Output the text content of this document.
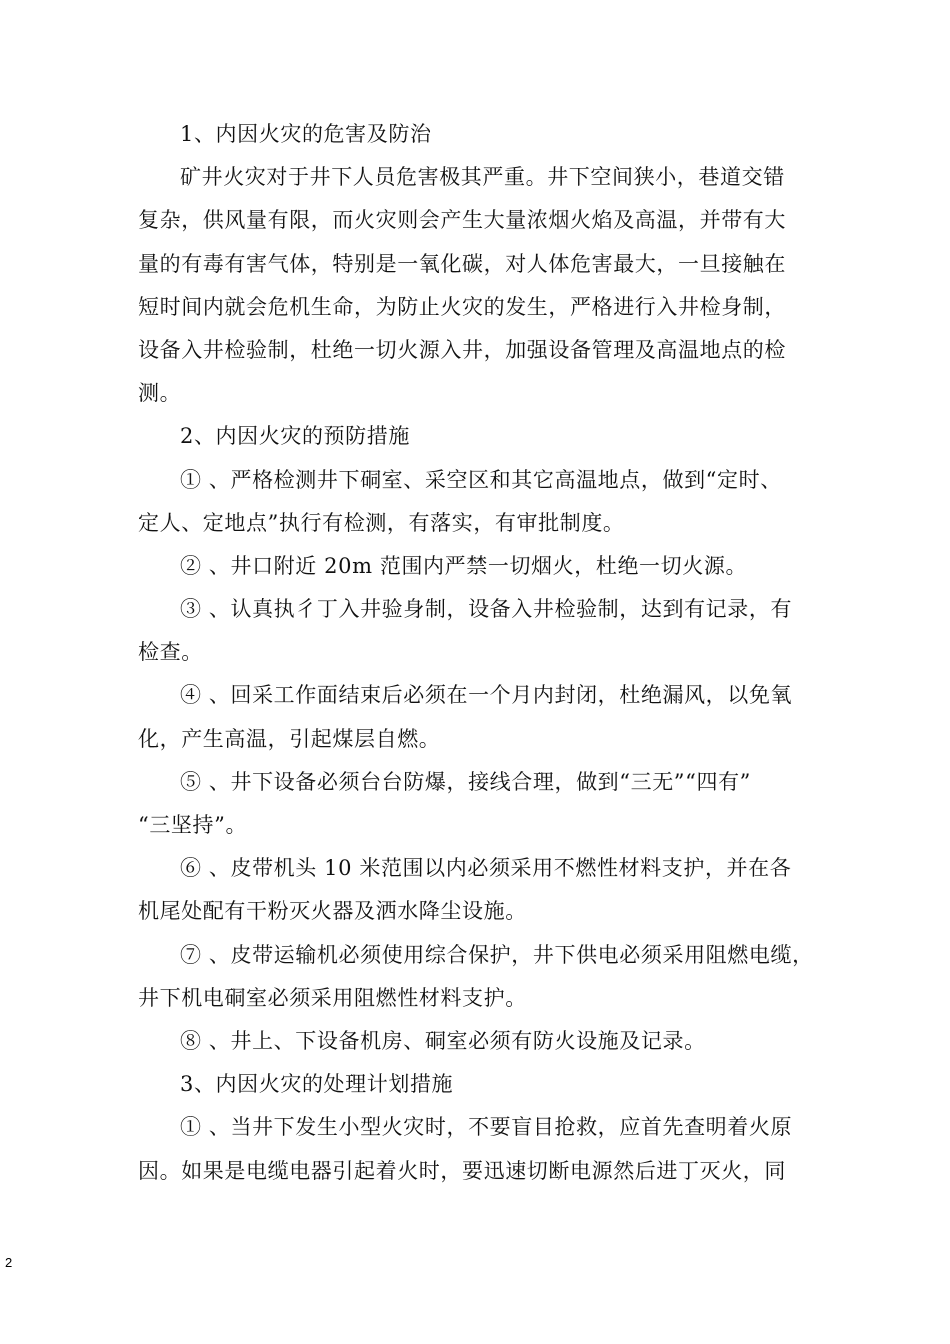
1、内因火灾的危害及防治
矿井火灾对于井下人员危害极其严重。井下空间狭小，巷道交错
复杂，供风量有限，而火灾则会产生大量浓烟火焰及高温，并带有大
量的有毒有害气体，特别是一氧化碳，对人体危害最大，一旦接触在
短时间内就会危机生命，为防止火灾的发生，严格进行入井检身制，
设备入井检验制，杜绝一切火源入井，加强设备管理及高温地点的检
测。
2、内因火灾的预防措施
① 、严格检测井下硐室、采空区和其它高温地点，做到“定时、
定人、定地点”执行有检测，有落实，有审批制度。
② 、井口附近 20m 范围内严禁一切烟火，杜绝一切火源。
③ 、认真执彳丁入井验身制，设备入井检验制，达到有记录，有
检查。
④ 、回采工作面结束后必须在一个月内封闭，杜绝漏风，以免氧
化，产生高温，引起煤层自燃。
⑤ 、井下设备必须台台防爆，接线合理，做到“三无”“四有”
“三坚持”。
⑥ 、皮带机头 10 米范围以内必须采用不燃性材料支护，并在各
机尾处配有干粉灭火器及洒水降尘设施。
⑦ 、皮带运输机必须使用综合保护，井下供电必须采用阻燃电缆，
井下机电硐室必须采用阻燃性材料支护。
⑧ 、井上、下设备机房、硐室必须有防火设施及记录。
3、内因火灾的处理计划措施
① 、当井下发生小型火灾时，不要盲目抢救，应首先查明着火原
因。如果是电缆电器引起着火时，要迅速切断电源然后进丁灭火，同
2
